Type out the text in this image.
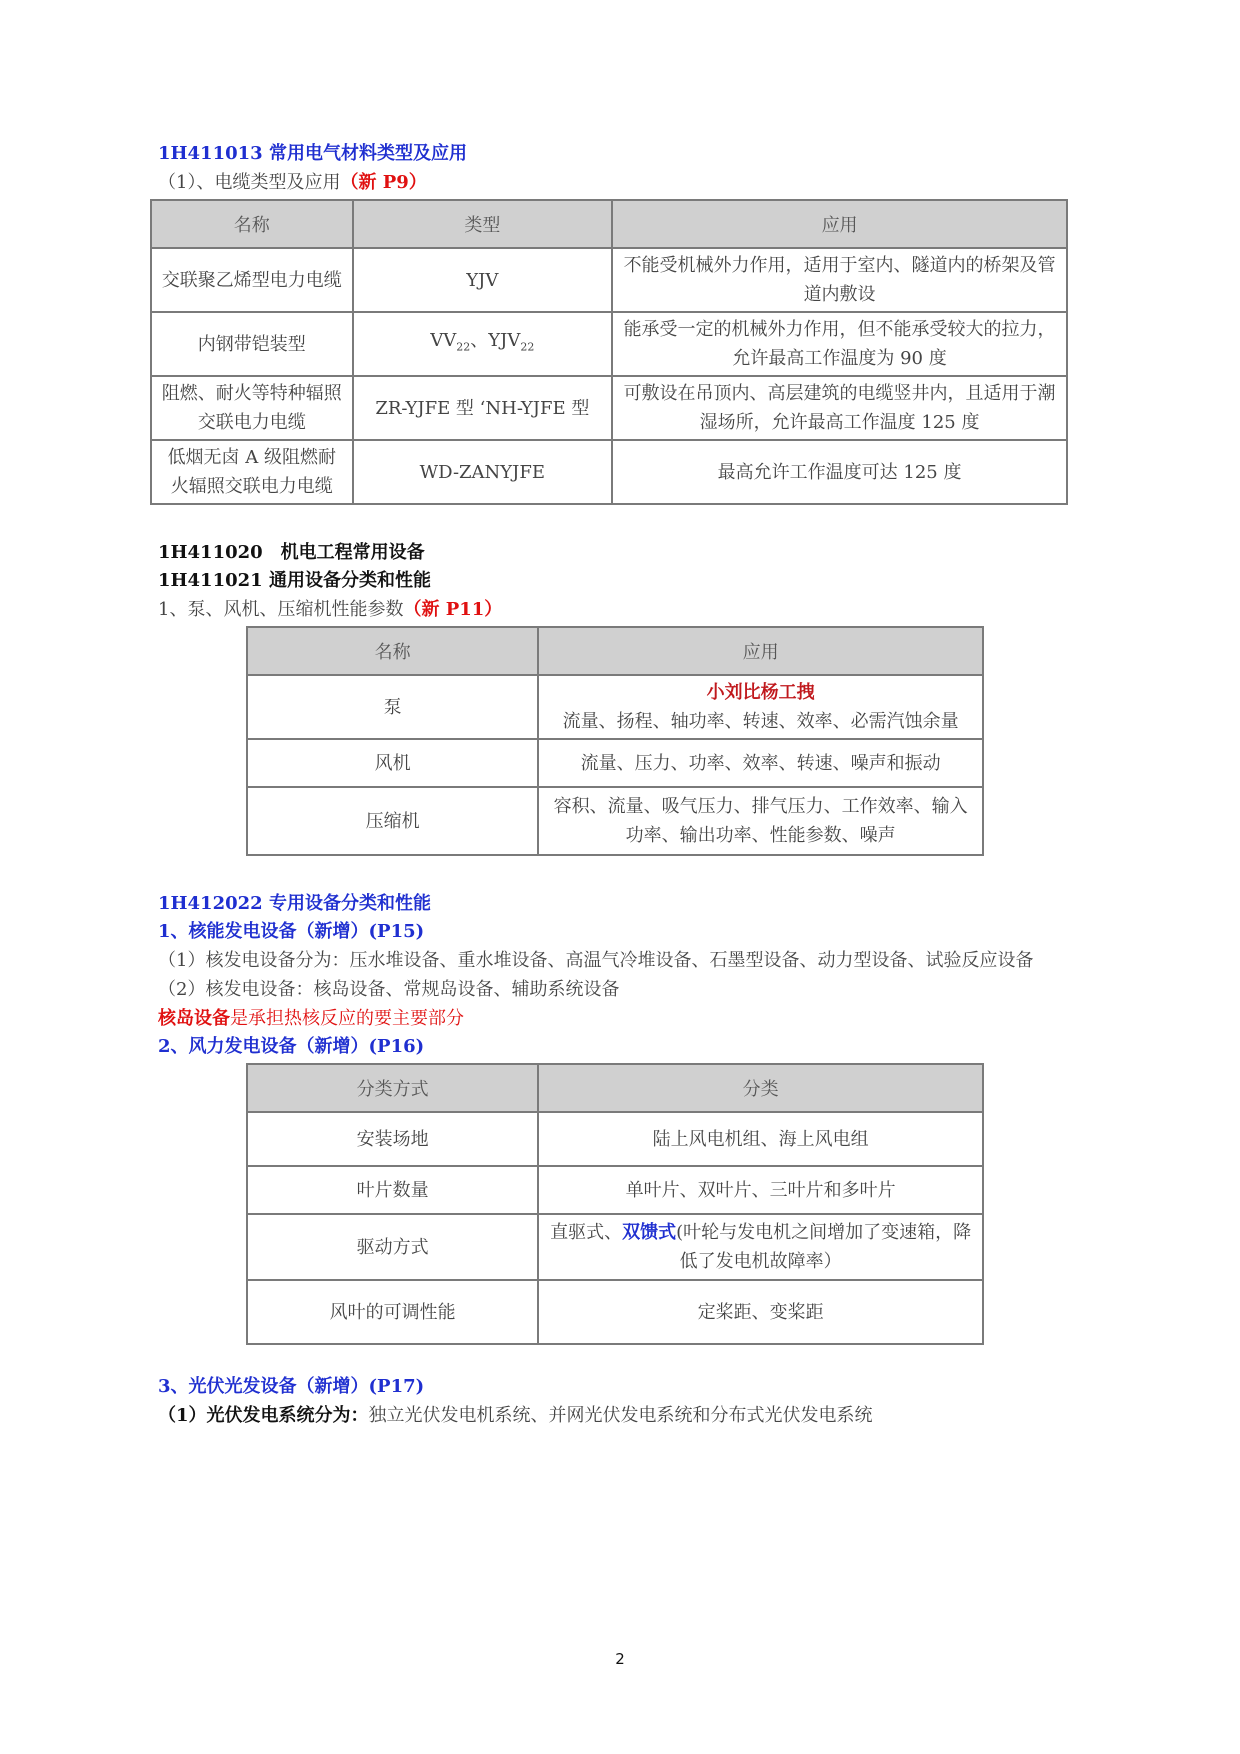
1H411013 常用电气材料类型及应用

（1）、电缆类型及应用（新 P9）

名称	类型	应用
交联聚乙烯型电力电缆	YJV	不能受机械外力作用，适用于室内、隧道内的桥架及管道内敷设
内钢带铠装型	$VV_{22}$、$YJV_{22}$	能承受一定的机械外力作用，但不能承受较大的拉力，允许最高工作温度为 90 度
阻燃、耐火等特种辐照交联电力电缆	ZR-YJFE 型 ‘NH-YJFE 型	可敷设在吊顶内、高层建筑的电缆竖井内，且适用于潮湿场所，允许最高工作温度 125 度
低烟无卤 A 级阻燃耐火辐照交联电力电缆	WD-ZANYJFE	最高允许工作温度可达 125 度

1H411020　机电工程常用设备

1H411021 通用设备分类和性能

1、泵、风机、压缩机性能参数（新 P11）

名称	应用
泵	小刘比杨工拽
流量、扬程、轴功率、转速、效率、必需汽蚀余量

风机	流量、压力、功率、效率、转速、噪声和振动
压缩机	容积、流量、吸气压力、排气压力、工作效率、输入功率、输出功率、性能参数、噪声

1H412022 专用设备分类和性能

1、核能发电设备（新增）(P15)

（1）核发电设备分为：压水堆设备、重水堆设备、高温气冷堆设备、石墨型设备、动力型设备、试验反应设备

（2）核发电设备：核岛设备、常规岛设备、辅助系统设备

核岛设备是承担热核反应的要主要部分

2、风力发电设备（新增）(P16)

分类方式	分类
安装场地	陆上风电机组、海上风电组
叶片数量	单叶片、双叶片、三叶片和多叶片
驱动方式	直驱式、双馈式(叶轮与发电机之间增加了变速箱，降低了发电机故障率）
风叶的可调性能	定桨距、变桨距

3、光伏光发设备（新增）(P17)

（1）光伏发电系统分为：独立光伏发电机系统、并网光伏发电系统和分布式光伏发电系统

2
